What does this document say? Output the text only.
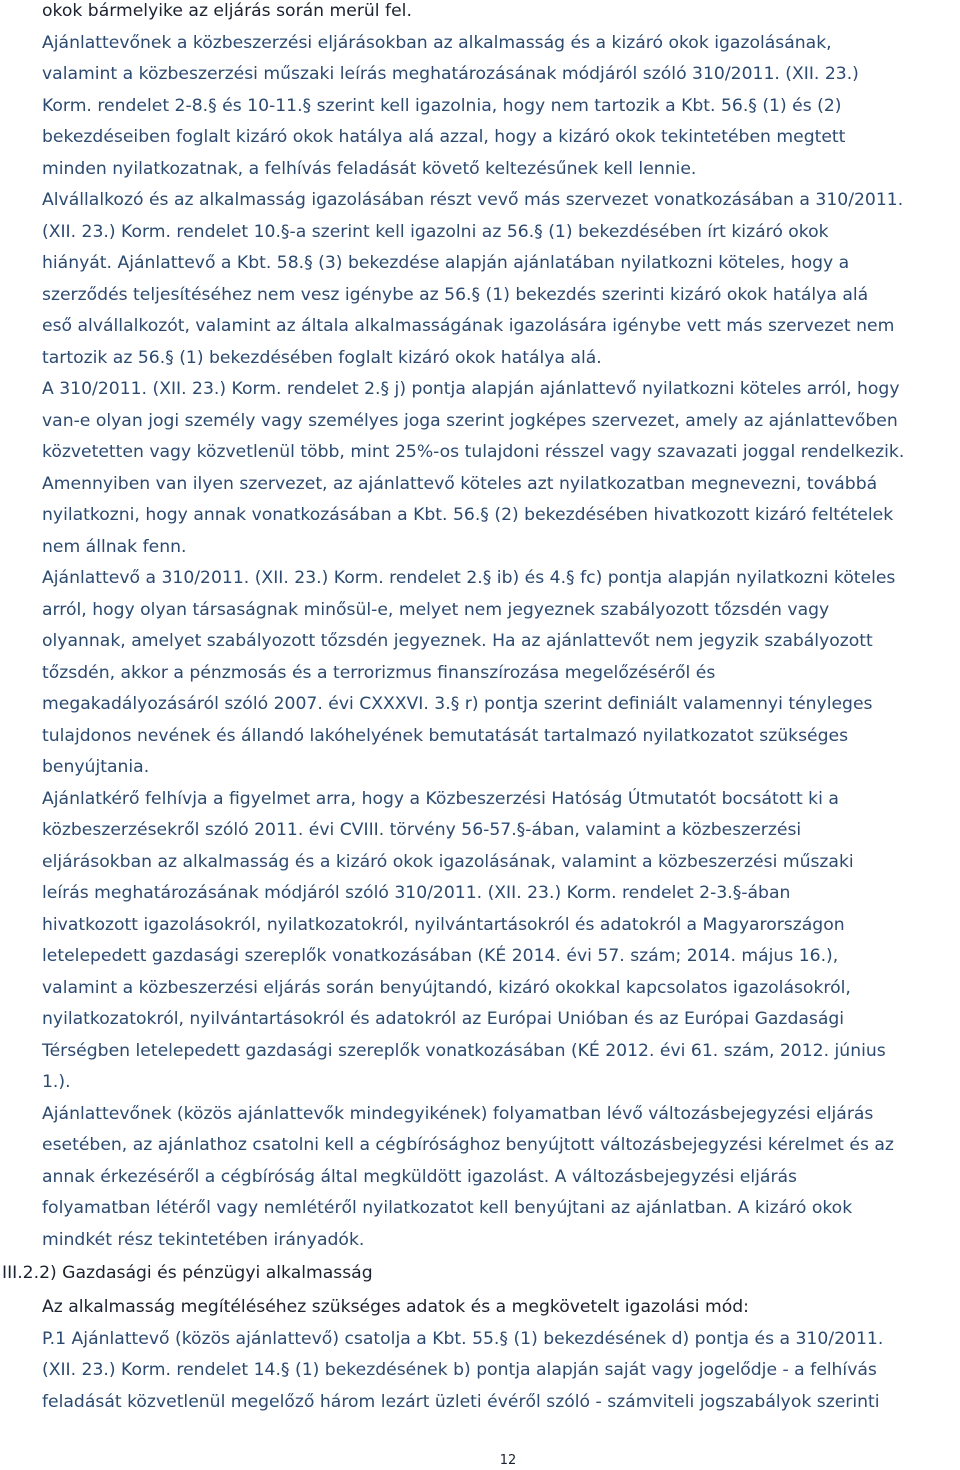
okok bármelyike az eljárás során merül fel.

Ajánlattevőnek a közbeszerzési eljárásokban az alkalmasság és a kizáró okok igazolásának,
valamint a közbeszerzési műszaki leírás meghatározásának módjáról szóló 310/2011. (XII. 23.)
Korm. rendelet 2-8.§ és 10-11.§ szerint kell igazolnia, hogy nem tartozik a Kbt. 56.§ (1) és (2)
bekezdéseiben foglalt kizáró okok hatálya alá azzal, hogy a kizáró okok tekintetében megtett
minden nyilatkozatnak, a felhívás feladását követő keltezésűnek kell lennie.

Alvállalkozó és az alkalmasság igazolásában részt vevő más szervezet vonatkozásában a 310/2011.
(XII. 23.) Korm. rendelet 10.§-a szerint kell igazolni az 56.§ (1) bekezdésében írt kizáró okok
hiányát. Ajánlattevő a Kbt. 58.§ (3) bekezdése alapján ajánlatában nyilatkozni köteles, hogy a
szerződés teljesítéséhez nem vesz igénybe az 56.§ (1) bekezdés szerinti kizáró okok hatálya alá
eső alvállalkozót, valamint az általa alkalmasságának igazolására igénybe vett más szervezet nem
tartozik az 56.§ (1) bekezdésében foglalt kizáró okok hatálya alá.

A 310/2011. (XII. 23.) Korm. rendelet 2.§ j) pontja alapján ajánlattevő nyilatkozni köteles arról, hogy
van-e olyan jogi személy vagy személyes joga szerint jogképes szervezet, amely az ajánlattevőben
közvetetten vagy közvetlenül több, mint 25%-os tulajdoni résszel vagy szavazati joggal rendelkezik.
Amennyiben van ilyen szervezet, az ajánlattevő köteles azt nyilatkozatban megnevezni, továbbá
nyilatkozni, hogy annak vonatkozásában a Kbt. 56.§ (2) bekezdésében hivatkozott kizáró feltételek
nem állnak fenn.

Ajánlattevő a 310/2011. (XII. 23.) Korm. rendelet 2.§ ib) és 4.§ fc) pontja alapján nyilatkozni köteles
arról, hogy olyan társaságnak minősül-e, melyet nem jegyeznek szabályozott tőzsdén vagy
olyannak, amelyet szabályozott tőzsdén jegyeznek. Ha az ajánlattevőt nem jegyzik szabályozott
tőzsdén, akkor a pénzmosás és a terrorizmus finanszírozása megelőzéséről és
megakadályozásáról szóló 2007. évi CXXXVI. 3.§ r) pontja szerint definiált valamennyi tényleges
tulajdonos nevének és állandó lakóhelyének bemutatását tartalmazó nyilatkozatot szükséges
benyújtania.

Ajánlatkérő felhívja a figyelmet arra, hogy a Közbeszerzési Hatóság Útmutatót bocsátott ki a
közbeszerzésekről szóló 2011. évi CVIII. törvény 56-57.§-ában, valamint a közbeszerzési
eljárásokban az alkalmasság és a kizáró okok igazolásának, valamint a közbeszerzési műszaki
leírás meghatározásának módjáról szóló 310/2011. (XII. 23.) Korm. rendelet 2-3.§-ában
hivatkozott igazolásokról, nyilatkozatokról, nyilvántartásokról és adatokról a Magyarországon
letelepedett gazdasági szereplők vonatkozásában (KÉ 2014. évi 57. szám; 2014. május 16.),
valamint a közbeszerzési eljárás során benyújtandó, kizáró okokkal kapcsolatos igazolásokról,
nyilatkozatokról, nyilvántartásokról és adatokról az Európai Unióban és az Európai Gazdasági
Térségben letelepedett gazdasági szereplők vonatkozásában (KÉ 2012. évi 61. szám, 2012. június
1.).

Ajánlattevőnek (közös ajánlattevők mindegyikének) folyamatban lévő változásbejegyzési eljárás
esetében, az ajánlathoz csatolni kell a cégbírósághoz benyújtott változásbejegyzési kérelmet és az
annak érkezéséről a cégbíróság által megküldött igazolást. A változásbejegyzési eljárás
folyamatban létéről vagy nemlétéről nyilatkozatot kell benyújtani az ajánlatban. A kizáró okok
mindkét rész tekintetében irányadók.

III.2.2) Gazdasági és pénzügyi alkalmasság

Az alkalmasság megítéléséhez szükséges adatok és a megkövetelt igazolási mód:

P.1 Ajánlattevő (közös ajánlattevő) csatolja a Kbt. 55.§ (1) bekezdésének d) pontja és a 310/2011.
(XII. 23.) Korm. rendelet 14.§ (1) bekezdésének b) pontja alapján saját vagy jogelődje - a felhívás
feladását közvetlenül megelőző három lezárt üzleti évéről szóló - számviteli jogszabályok szerinti

12
